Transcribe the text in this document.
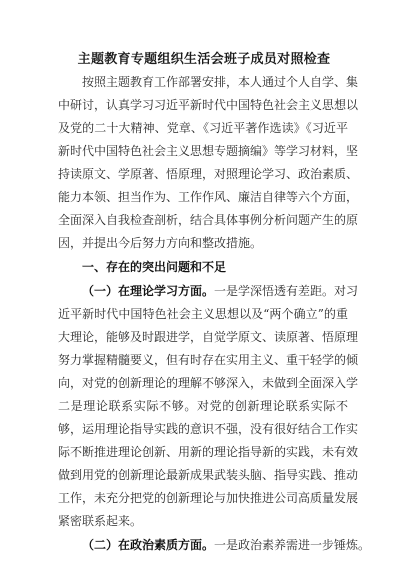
主题教育专题组织生活会班子成员对照检查
按照主题教育工作部署安排，本人通过个人自学、集
中研讨，认真学习习近平新时代中国特色社会主义思想以
及党的二十大精神、党章、《习近平著作选读》《习近平
新时代中国特色社会主义思想专题摘编》等学习材料，坚
持读原文、学原著、悟原理，对照理论学习、政治素质、
能力本领、担当作为、工作作风、廉洁自律等六个方面，
全面深入自我检查剖析，结合具体事例分析问题产生的原
因，并提出今后努力方向和整改措施。
一、存在的突出问题和不足
（一）在理论学习方面。一是学深悟透有差距。对习
近平新时代中国特色社会主义思想以及“两个确立”的重
大理论，能够及时跟进学，自觉学原文、读原著、悟原理
努力掌握精髓要义，但有时存在实用主义、重干轻学的倾
向，对党的创新理论的理解不够深入，未做到全面深入学
二是理论联系实际不够。对党的创新理论联系实际不
够，运用理论指导实践的意识不强，没有很好结合工作实
际不断推进理论创新、用新的理论指导新的实践，未有效
做到用党的创新理论最新成果武装头脑、指导实践、推动
工作，未充分把党的创新理论与加快推进公司高质量发展
紧密联系起来。
（二）在政治素质方面。一是政治素养需进一步锤炼。
